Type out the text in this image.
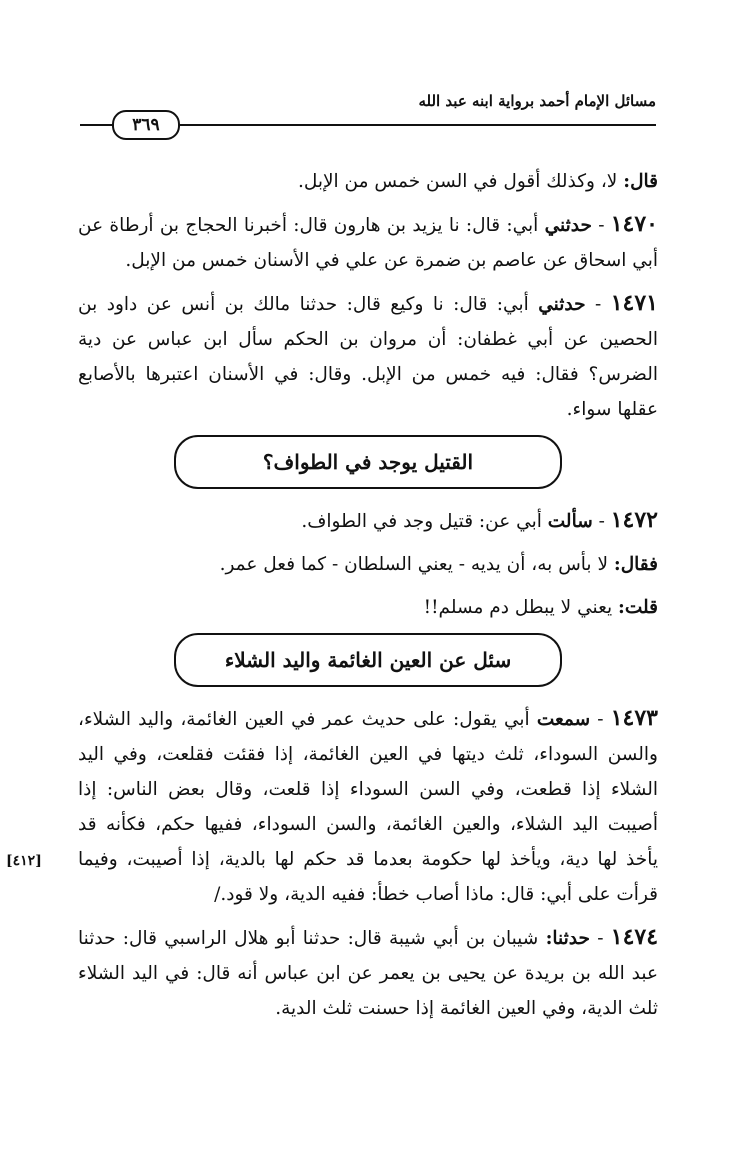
مسائل الإمام أحمد برواية ابنه عبد الله
٣٦٩
[٤١٢]

قال: لا، وكذلك أقول في السن خمس من الإبل.

١٤٧٠ - حدثني أبي: قال: نا يزيد بن هارون قال: أخبرنا الحجاج بن أرطاة عن أبي اسحاق عن عاصم بن ضمرة عن علي في الأسنان خمس من الإبل.

١٤٧١ - حدثني أبي: قال: نا وكيع قال: حدثنا مالك بن أنس عن داود بن الحصين عن أبي غطفان: أن مروان بن الحكم سأل ابن عباس عن دية الضرس؟ فقال: فيه خمس من الإبل. وقال: في الأسنان اعتبرها بالأصابع عقلها سواء.

القتيل يوجد في الطواف؟

١٤٧٢ - سألت أبي عن: قتيل وجد في الطواف.

فقال: لا بأس به، أن يديه - يعني السلطان - كما فعل عمر.

قلت: يعني لا يبطل دم مسلم!!

سئل عن العين الغائمة واليد الشلاء

١٤٧٣ - سمعت أبي يقول: على حديث عمر في العين الغائمة، واليد الشلاء، والسن السوداء، ثلث ديتها في العين الغائمة، إذا فقئت فقلعت، وفي اليد الشلاء إذا قطعت، وفي السن السوداء إذا قلعت، وقال بعض الناس: إذا أصيبت اليد الشلاء، والعين الغائمة، والسن السوداء، ففيها حكم، فكأنه قد يأخذ لها دية، ويأخذ لها حكومة بعدما قد حكم لها بالدية، إذا أصيبت، وفيما قرأت على أبي: قال: ماذا أصاب خطأ: ففيه الدية، ولا قود./

١٤٧٤ - حدثنا: شيبان بن أبي شيبة قال: حدثنا أبو هلال الراسبي قال: حدثنا عبد الله بن بريدة عن يحيى بن يعمر عن ابن عباس أنه قال: في اليد الشلاء ثلث الدية، وفي العين الغائمة إذا حسنت ثلث الدية.
